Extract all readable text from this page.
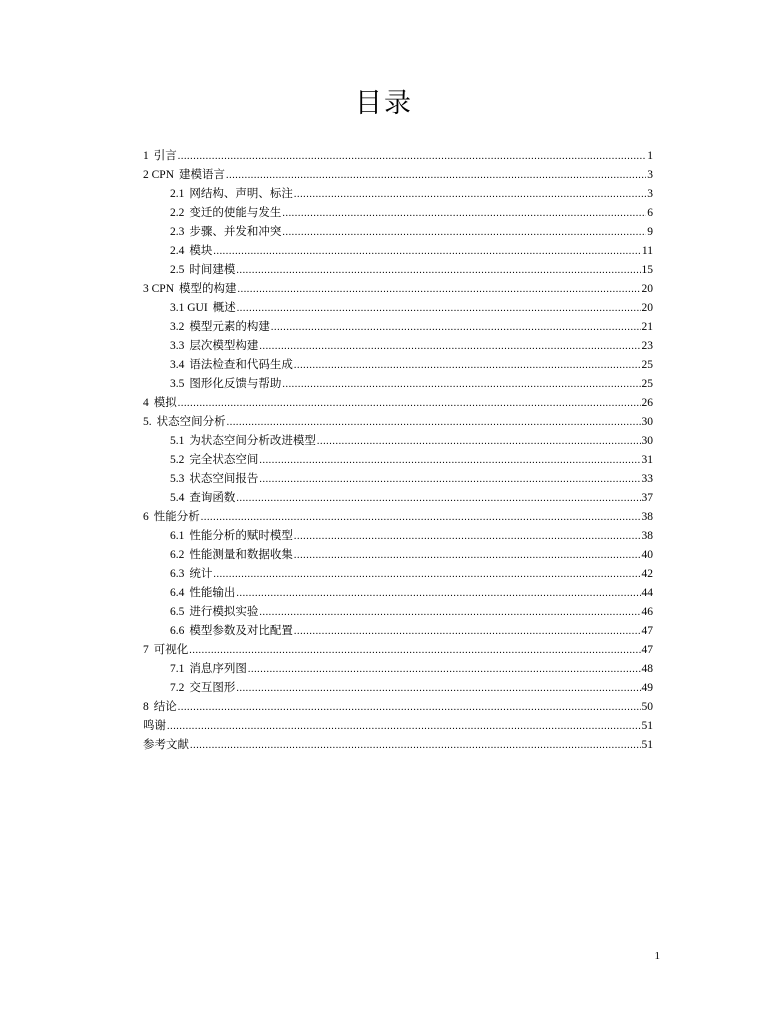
目录
1 引言 .....	1
2 CPN 建模语言 .....	3
2.1 网结构、声明、标注 .....	3
2.2 变迁的使能与发生 .....	6
2.3 步骤、并发和冲突 .....	9
2.4 模块 .....	11
2.5 时间建模 .....	15
3 CPN 模型的构建 .....	20
3.1 GUI 概述 .....	20
3.2 模型元素的构建 .....	21
3.3 层次模型构建 .....	23
3.4 语法检查和代码生成 .....	25
3.5 图形化反馈与帮助 .....	25
4 模拟 .....	26
5. 状态空间分析 .....	30
5.1 为状态空间分析改进模型 .....	30
5.2 完全状态空间 .....	31
5.3 状态空间报告 .....	33
5.4 查询函数 .....	37
6 性能分析 .....	38
6.1 性能分析的赋时模型 .....	38
6.2 性能测量和数据收集 .....	40
6.3 统计 .....	42
6.4 性能输出 .....	44
6.5 进行模拟实验 .....	46
6.6 模型参数及对比配置 .....	47
7 可视化 .....	47
7.1 消息序列图 .....	48
7.2 交互图形 .....	49
8 结论 .....	50
鸣谢 .....	51
参考文献 .....	51
1
